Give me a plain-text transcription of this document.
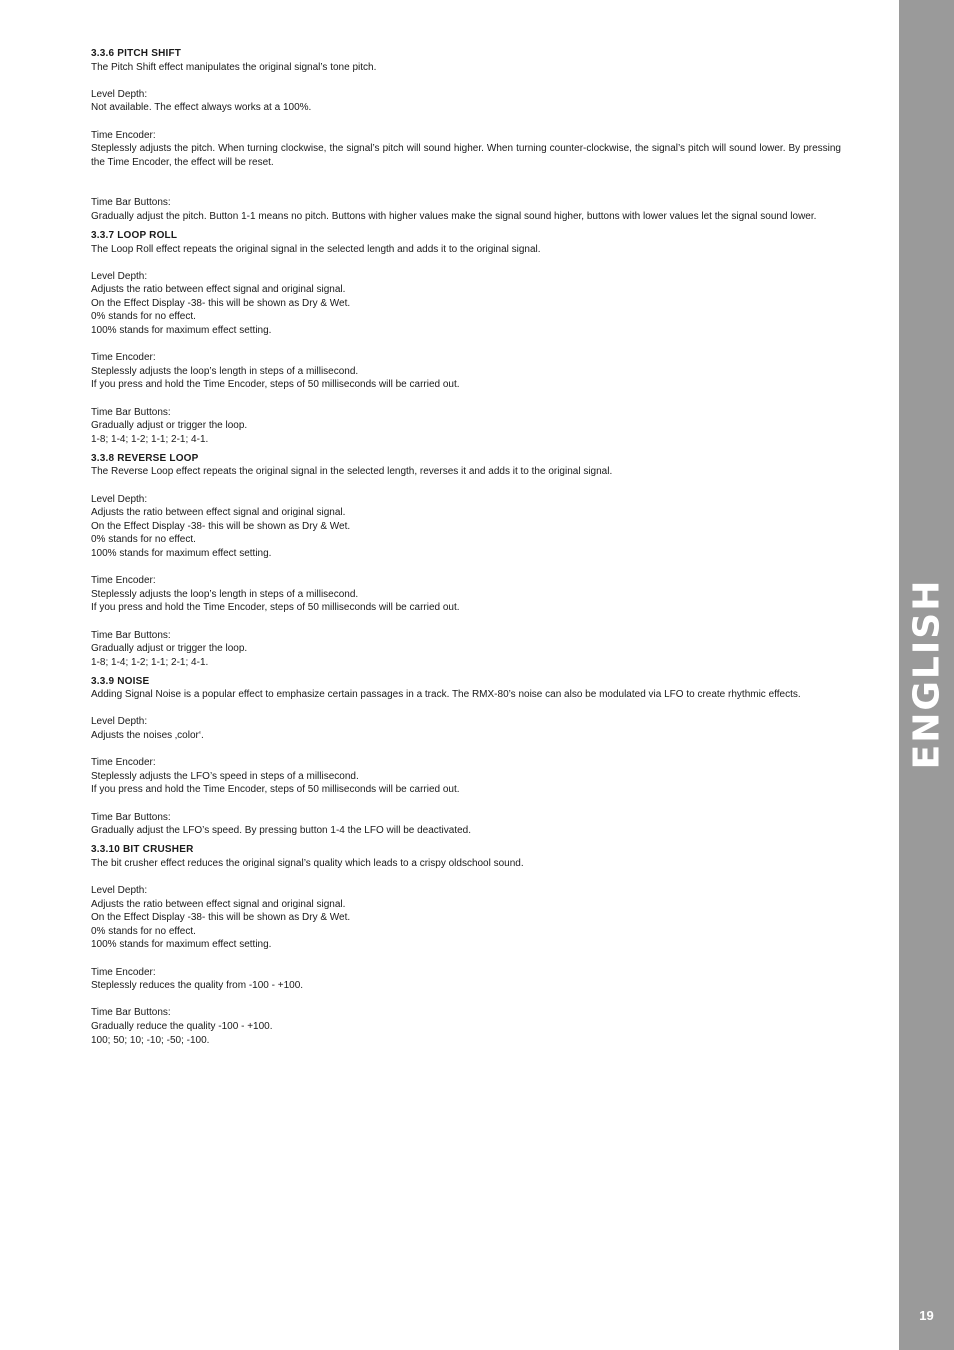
3.3.6 PITCH SHIFT

The Pitch Shift effect manipulates the original signal’s tone pitch.

Level Depth:

Not available. The effect always works at a 100%.

Time Encoder:

Steplessly adjusts the pitch. When turning clockwise, the signal’s pitch will sound higher. When turning counter-clockwise, the signal’s pitch will sound lower. By pressing the Time Encoder, the effect will be reset.

Time Bar Buttons:

Gradually adjust the pitch. Button 1-1 means no pitch. Buttons with higher values make the signal sound higher, buttons with lower values let the signal sound lower.

3.3.7 LOOP ROLL

The Loop Roll effect repeats the original signal in the selected length and adds it to the original signal.

Level Depth:

Adjusts the ratio between effect signal and original signal.

On the Effect Display -38- this will be shown as Dry & Wet.

0% stands for no effect.

100% stands for maximum effect setting.

Time Encoder:

Steplessly adjusts the loop’s length in steps of a millisecond.

If you press and hold the Time Encoder, steps of 50 milliseconds will be carried out.

Time Bar Buttons:

Gradually adjust or trigger the loop.

1-8; 1-4; 1-2; 1-1; 2-1; 4-1.

3.3.8 REVERSE LOOP

The Reverse Loop effect repeats the original signal in the selected length, reverses it and adds it to the original signal.

Level Depth:

Adjusts the ratio between effect signal and original signal.

On the Effect Display -38- this will be shown as Dry & Wet.

0% stands for no effect.

100% stands for maximum effect setting.

Time Encoder:

Steplessly adjusts the loop’s length in steps of a millisecond.

If you press and hold the Time Encoder, steps of 50 milliseconds will be carried out.

Time Bar Buttons:

Gradually adjust or trigger the loop.

1-8; 1-4; 1-2; 1-1; 2-1; 4-1.

3.3.9 NOISE

Adding Signal Noise is a popular effect to emphasize certain passages in a track. The RMX-80’s noise can also be modulated via LFO to create rhythmic effects.

Level Depth:

Adjusts the noises ‚color‘.

Time Encoder:

Steplessly adjusts the LFO’s speed in steps of a millisecond.

If you press and hold the Time Encoder, steps of 50 milliseconds will be carried out.

Time Bar Buttons:

Gradually adjust the LFO’s speed. By pressing button 1-4 the LFO will be deactivated.

3.3.10 BIT CRUSHER

The bit crusher effect reduces the original signal’s quality which leads to a crispy oldschool sound.

Level Depth:

Adjusts the ratio between effect signal and original signal.

On the Effect Display -38- this will be shown as Dry & Wet.

0% stands for no effect.

100% stands for maximum effect setting.

Time Encoder:

Steplessly reduces the quality from -100 - +100.

Time Bar Buttons:

Gradually reduce the quality -100 - +100.

100; 50; 10; -10; -50; -100.

ENGLISH
19
